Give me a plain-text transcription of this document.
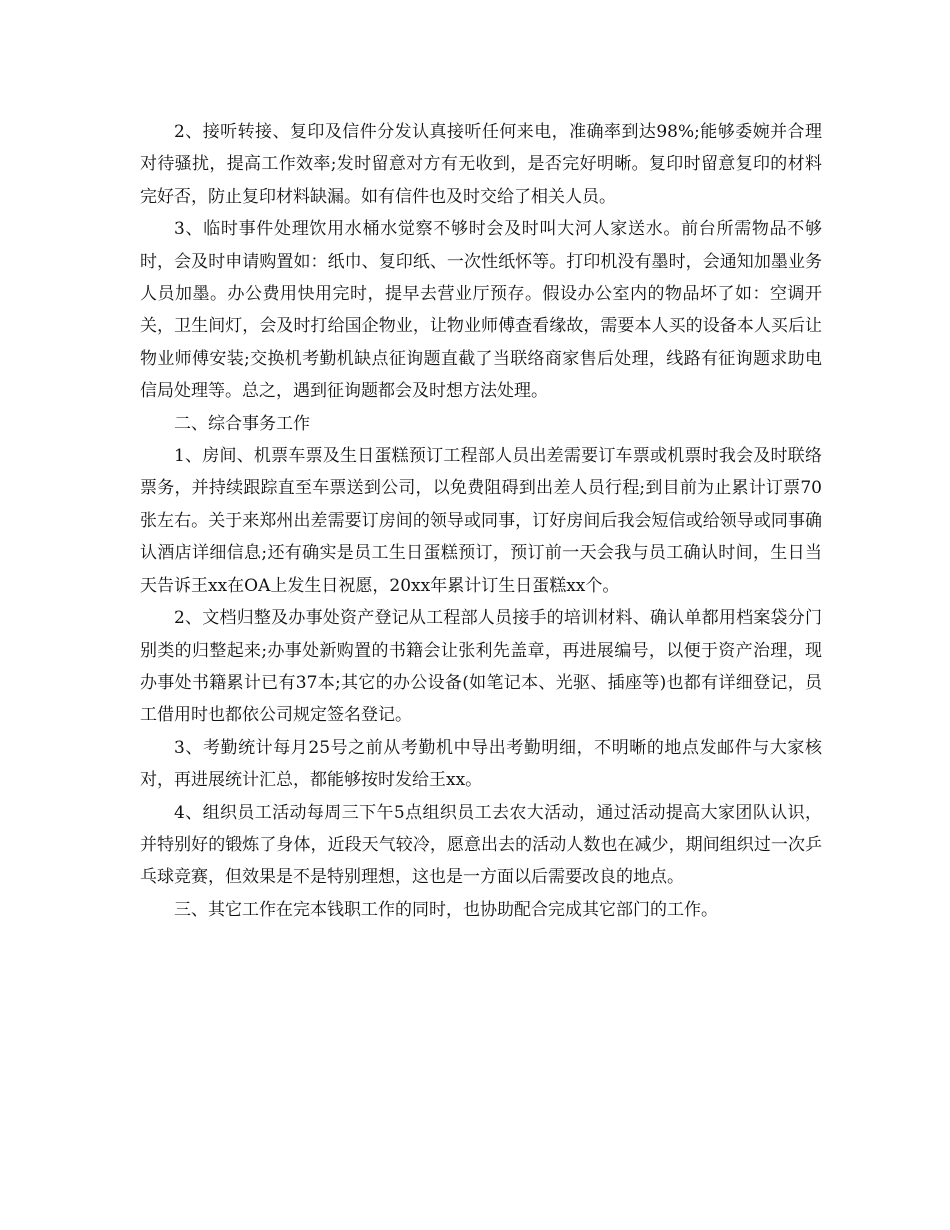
2、接听转接、复印及信件分发认真接听任何来电，准确率到达98%;能够委婉并合理对待骚扰，提高工作效率;发时留意对方有无收到，是否完好明晰。复印时留意复印的材料完好否，防止复印材料缺漏。如有信件也及时交给了相关人员。

3、临时事件处理饮用水桶水觉察不够时会及时叫大河人家送水。前台所需物品不够时，会及时申请购置如：纸巾、复印纸、一次性纸怀等。打印机没有墨时，会通知加墨业务人员加墨。办公费用快用完时，提早去营业厅预存。假设办公室内的物品坏了如：空调开关，卫生间灯，会及时打给国企物业，让物业师傅查看缘故，需要本人买的设备本人买后让物业师傅安装;交换机考勤机缺点征询题直截了当联络商家售后处理，线路有征询题求助电信局处理等。总之，遇到征询题都会及时想方法处理。

二、综合事务工作

1、房间、机票车票及生日蛋糕预订工程部人员出差需要订车票或机票时我会及时联络票务，并持续跟踪直至车票送到公司，以免费阻碍到出差人员行程;到目前为止累计订票70张左右。关于来郑州出差需要订房间的领导或同事，订好房间后我会短信或给领导或同事确认酒店详细信息;还有确实是员工生日蛋糕预订，预订前一天会我与员工确认时间，生日当天告诉王xx在OA上发生日祝愿，20xx年累计订生日蛋糕xx个。

2、文档归整及办事处资产登记从工程部人员接手的培训材料、确认单都用档案袋分门别类的归整起来;办事处新购置的书籍会让张利先盖章，再进展编号，以便于资产治理，现办事处书籍累计已有37本;其它的办公设备(如笔记本、光驱、插座等)也都有详细登记，员工借用时也都依公司规定签名登记。

3、考勤统计每月25号之前从考勤机中导出考勤明细，不明晰的地点发邮件与大家核对，再进展统计汇总，都能够按时发给王xx。

4、组织员工活动每周三下午5点组织员工去农大活动，通过活动提高大家团队认识，并特别好的锻炼了身体，近段天气较冷，愿意出去的活动人数也在减少，期间组织过一次乒乓球竞赛，但效果是不是特别理想，这也是一方面以后需要改良的地点。

三、其它工作在完本钱职工作的同时，也协助配合完成其它部门的工作。
